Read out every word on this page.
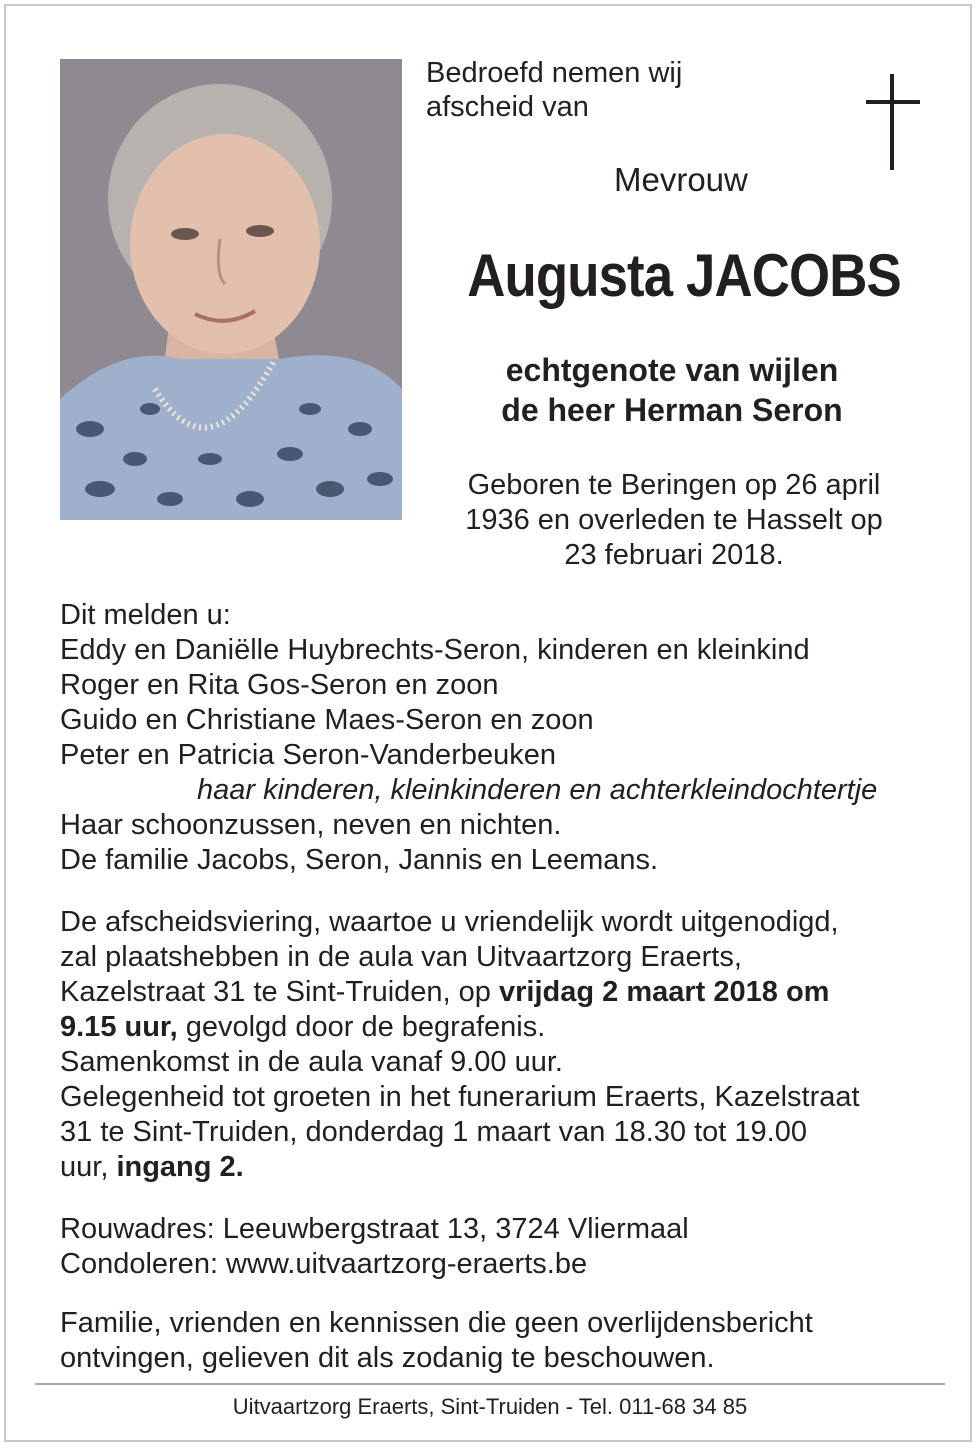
Bedroefd nemen wij
afscheid van
Mevrouw
Augusta JACOBS
echtgenote van wijlen
de heer Herman Seron
Geboren te Beringen op 26 april
1936 en overleden te Hasselt op
23 februari 2018.
Dit melden u:
Eddy en Daniëlle Huybrechts-Seron, kinderen en kleinkind
Roger en Rita Gos-Seron en zoon
Guido en Christiane Maes-Seron en zoon
Peter en Patricia Seron-Vanderbeuken
haar kinderen, kleinkinderen en achterkleindochtertje
Haar schoonzussen, neven en nichten.
De familie Jacobs, Seron, Jannis en Leemans.
De afscheidsviering, waartoe u vriendelijk wordt uitgenodigd,
zal plaatshebben in de aula van Uitvaartzorg Eraerts,
Kazelstraat 31 te Sint-Truiden, op vrijdag 2 maart 2018 om
9.15 uur, gevolgd door de begrafenis.
Samenkomst in de aula vanaf 9.00 uur.
Gelegenheid tot groeten in het funerarium Eraerts, Kazelstraat
31 te Sint-Truiden, donderdag 1 maart van 18.30 tot 19.00
uur, ingang 2.
Rouwadres: Leeuwbergstraat 13, 3724 Vliermaal
Condoleren: www.uitvaartzorg-eraerts.be
Familie, vrienden en kennissen die geen overlijdensbericht
ontvingen, gelieven dit als zodanig te beschouwen.
Uitvaartzorg Eraerts, Sint-Truiden - Tel. 011-68 34 85
